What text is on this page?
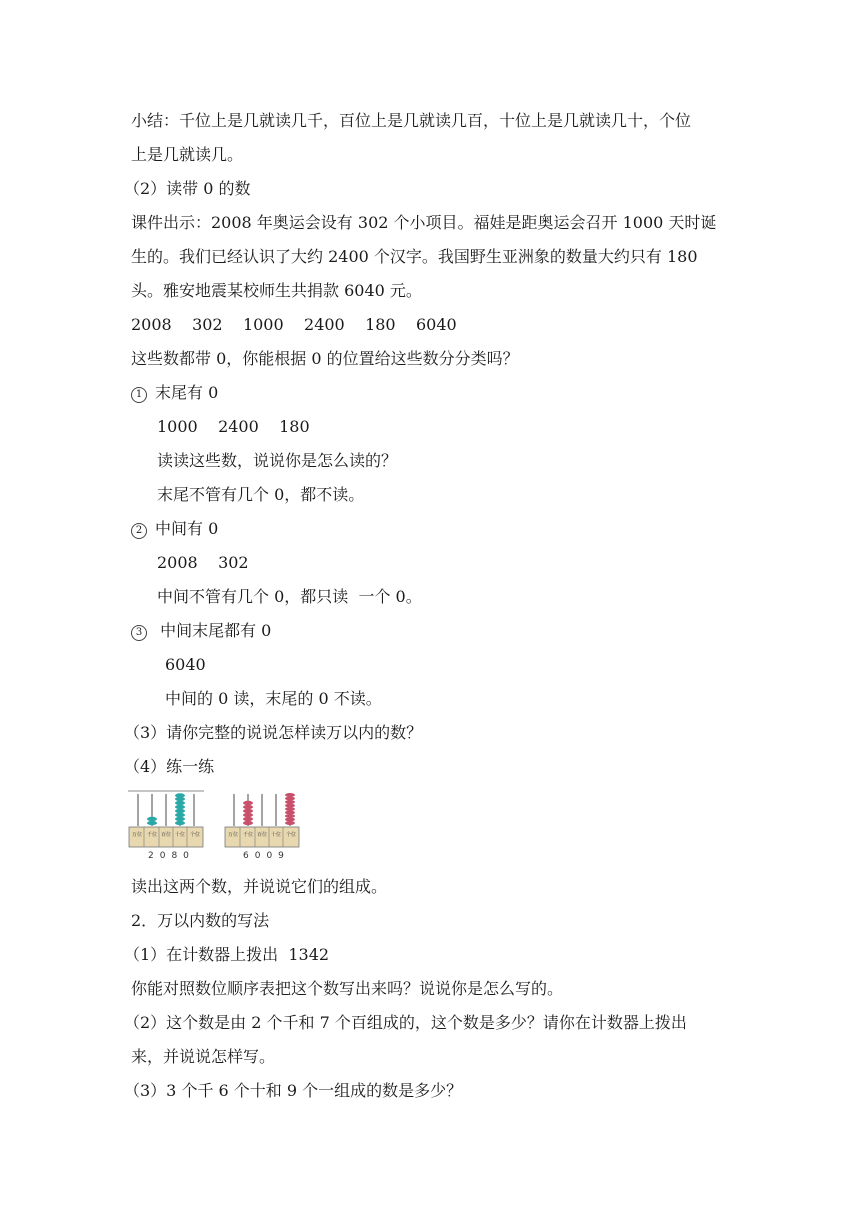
小结：千位上是几就读几千，百位上是几就读几百，十位上是几就读几十，个位
上是几就读几。
（2）读带 0 的数
课件出示：2008 年奥运会设有 302 个小项目。福娃是距奥运会召开 1000 天时诞
生的。我们已经认识了大约 2400 个汉字。我国野生亚洲象的数量大约只有 180
头。雅安地震某校师生共捐款 6040 元。
2008    302    1000    2400    180    6040
这些数都带 0，你能根据 0 的位置给这些数分分类吗？
1 末尾有 0
1000    2400    180
读读这些数，说说你是怎么读的？
末尾不管有几个 0，都不读。
2 中间有 0
2008    302
中间不管有几个 0，都只读  一个 0。
3 中间末尾都有 0
6040
中间的 0 读，末尾的 0 不读。
（3）请你完整的说说怎样读万以内的数？
（4）练一练
万位 千位 百位 十位 个位
2080
万位 千位 百位 十位 个位
6009
读出这两个数，并说说它们的组成。
2．万以内数的写法
（1）在计数器上拨出  1342
你能对照数位顺序表把这个数写出来吗？说说你是怎么写的。
（2）这个数是由 2 个千和 7 个百组成的，这个数是多少？请你在计数器上拨出
来，并说说怎样写。
（3）3 个千 6 个十和 9 个一组成的数是多少？
